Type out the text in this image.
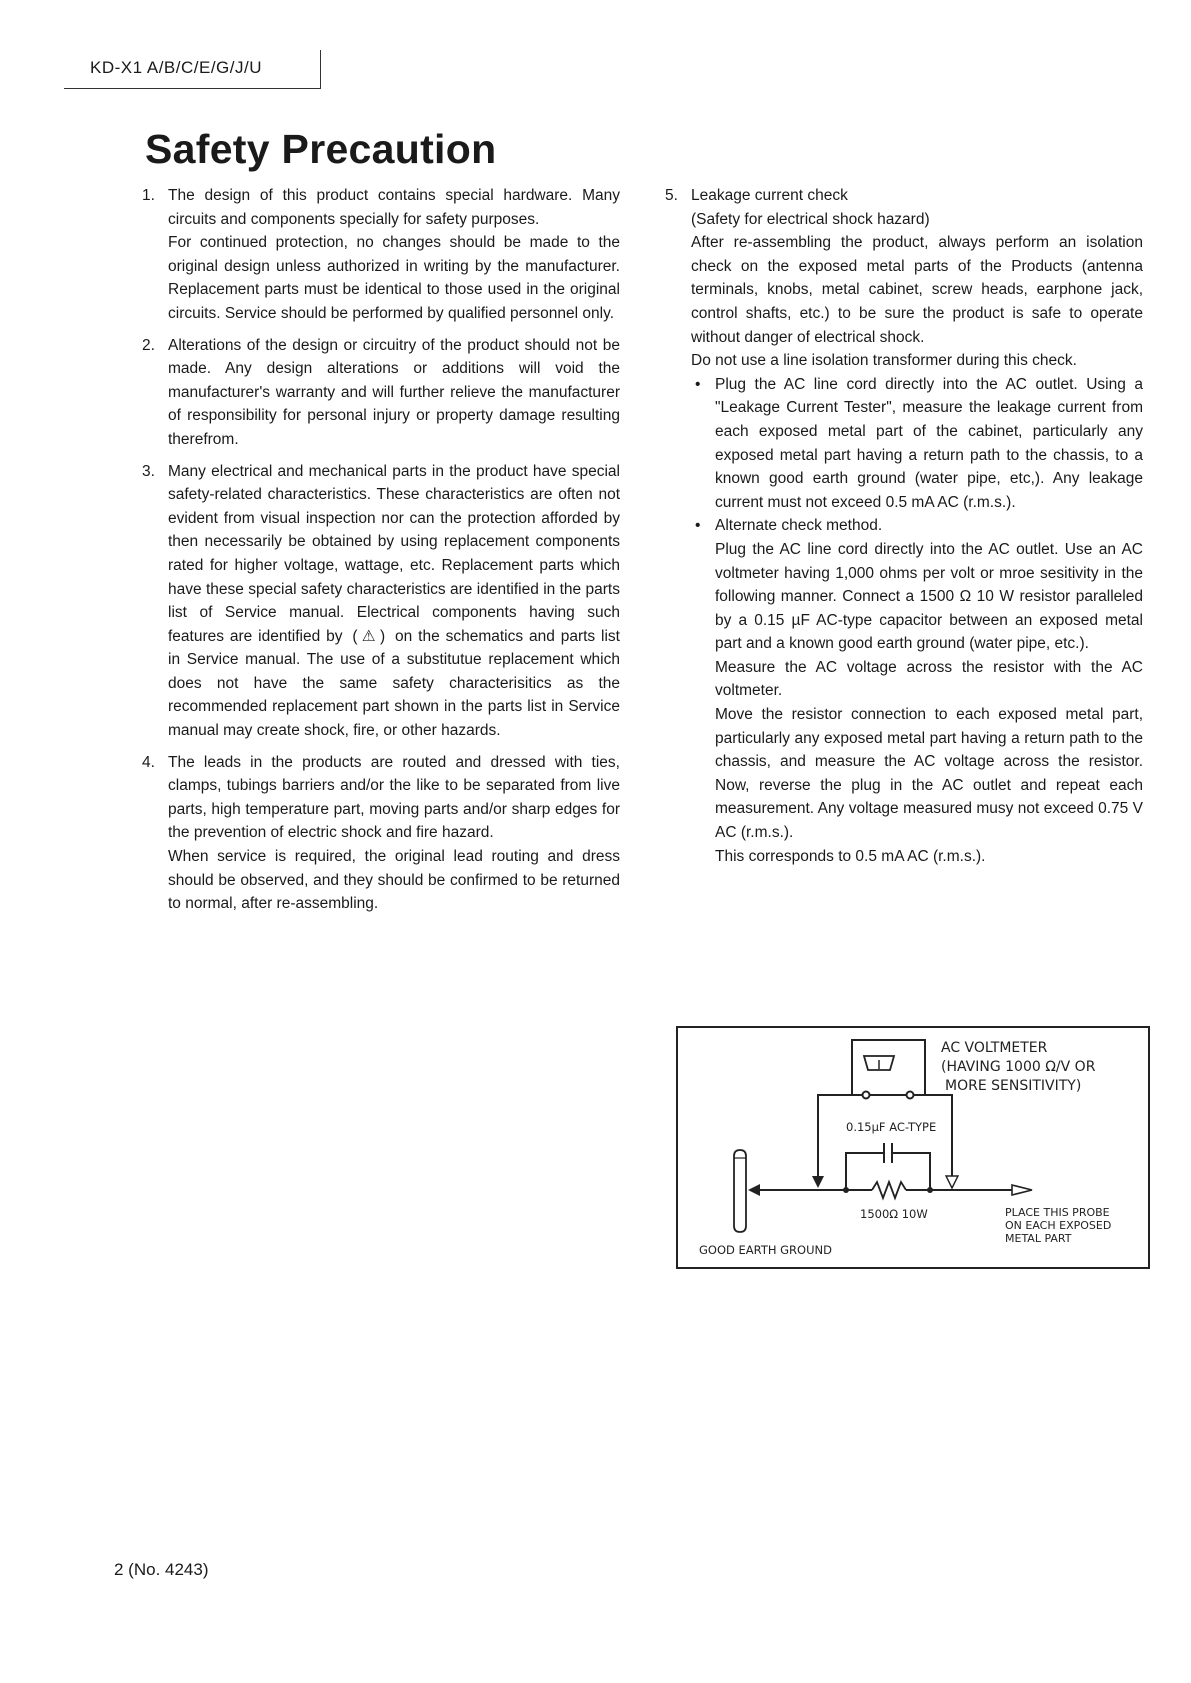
KD-X1 A/B/C/E/G/J/U
Safety Precaution
1. The design of this product contains special hardware. Many circuits and components specially for safety purposes.
For continued protection, no changes should be made to the original design unless authorized in writing by the manufacturer. Replacement parts must be identical to those used in the original circuits. Service should be performed by qualified personnel only.
2. Alterations of the design or circuitry of the product should not be made. Any design alterations or additions will void the manufacturer's warranty and will further relieve the manufacturer of responsibility for personal injury or property damage resulting therefrom.
3. Many electrical and mechanical parts in the product have special safety-related characteristics. These characteristics are often not evident from visual inspection nor can the protection afforded by then necessarily be obtained by using replacement components rated for higher voltage, wattage, etc. Replacement parts which have these special safety characteristics are identified in the parts list of Service manual. Electrical components having such features are identified by ( ⚠ ) on the schematics and parts list in Service manual. The use of a substitutue replacement which does not have the same safety characterisitics as the recommended replacement part shown in the parts list in Service manual may create shock, fire, or other hazards.
4. The leads in the products are routed and dressed with ties, clamps, tubings barriers and/or the like to be separated from live parts, high temperature part, moving parts and/or sharp edges for the prevention of electric shock and fire hazard.
When service is required, the original lead routing and dress should be observed, and they should be confirmed to be returned to normal, after re-assembling.
5. Leakage current check
(Safety for electrical shock hazard)
After re-assembling the product, always perform an isolation check on the exposed metal parts of the Products (antenna terminals, knobs, metal cabinet, screw heads, earphone jack, control shafts, etc.) to be sure the product is safe to operate without danger of electrical shock.
Do not use a line isolation transformer during this check.
• Plug the AC line cord directly into the AC outlet. Using a "Leakage Current Tester", measure the leakage current from each exposed metal part of the cabinet, particularly any exposed metal part having a return path to the chassis, to a known good earth ground (water pipe, etc,). Any leakage current must not exceed 0.5 mA AC (r.m.s.).
• Alternate check method.
Plug the AC line cord directly into the AC outlet. Use an AC voltmeter having 1,000 ohms per volt or mroe sesitivity in the following manner. Connect a 1500 Ω 10 W resistor paralleled by a 0.15 µF AC-type capacitor between an exposed metal part and a known good earth ground (water pipe, etc.).
Measure the AC voltage across the resistor with the AC voltmeter.
Move the resistor connection to each exposed metal part, particularly any exposed metal part having a return path to the chassis, and measure the AC voltage across the resistor. Now, reverse the plug in the AC outlet and repeat each measurement. Any voltage measured musy not exceed 0.75 V AC (r.m.s.).
This corresponds to 0.5 mA AC (r.m.s.).
AC VOLTMETER
(HAVING 1000 Ω/V OR
MORE SENSITIVITY)
0.15µF AC-TYPE
1500Ω 10W	PLACE THIS PROBE
ON EACH EXPOSED
METAL PART
GOOD EARTH GROUND
2 (No. 4243)
